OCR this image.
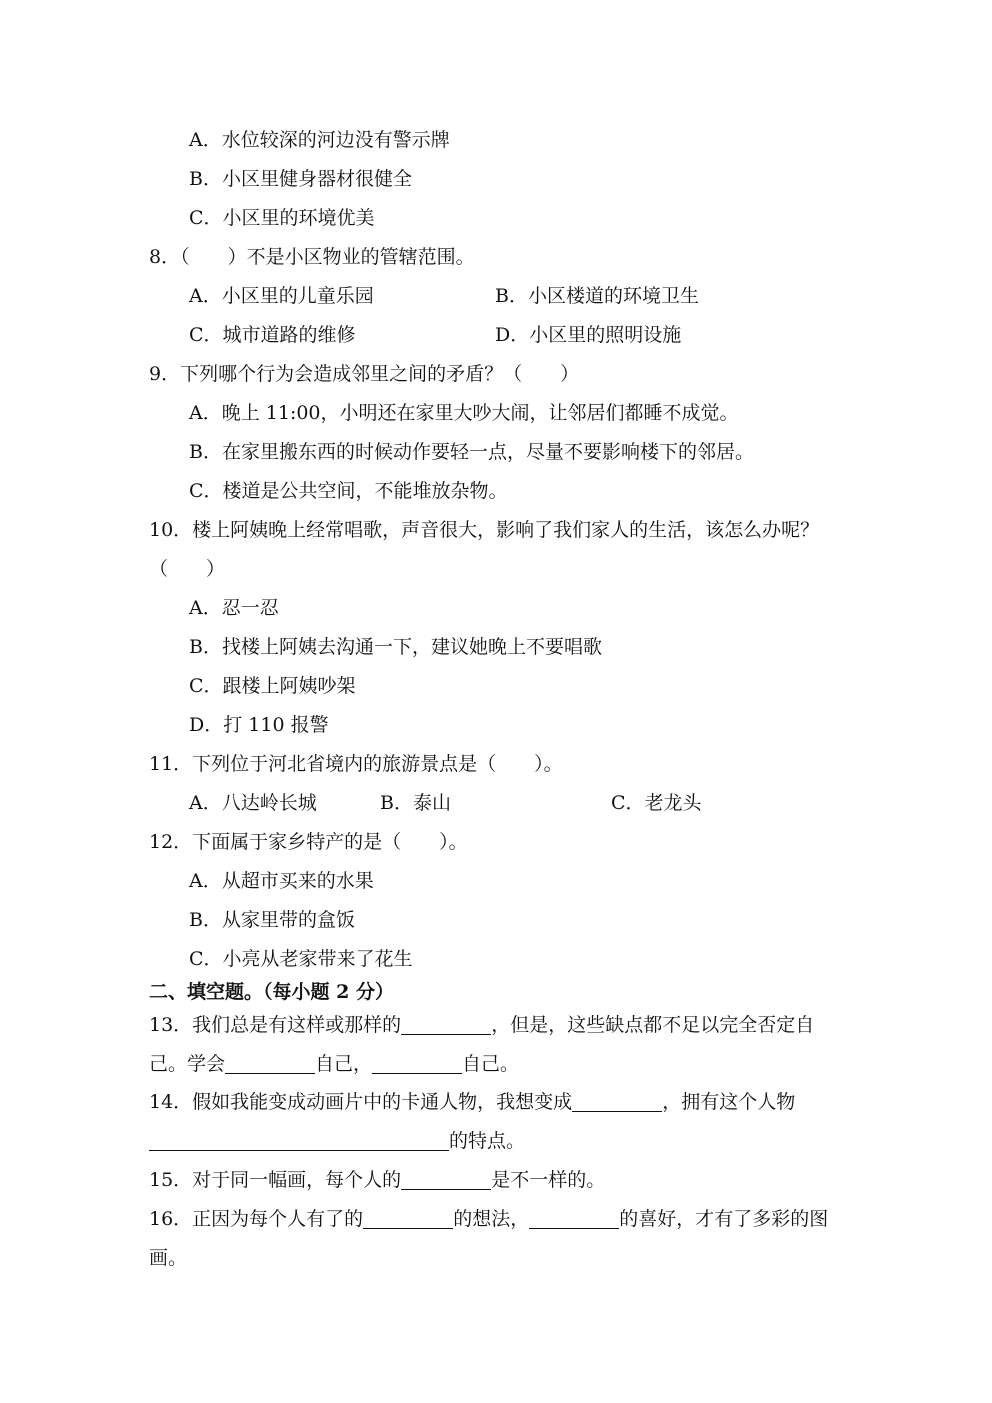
A．水位较深的河边没有警示牌
B．小区里健身器材很健全
C．小区里的环境优美
8．（　　）不是小区物业的管辖范围。
A．小区里的儿童乐园	B．小区楼道的环境卫生
C．城市道路的维修	D．小区里的照明设施
9．下列哪个行为会造成邻里之间的矛盾？（　　）
A．晚上 11:00，小明还在家里大吵大闹，让邻居们都睡不成觉。
B．在家里搬东西的时候动作要轻一点，尽量不要影响楼下的邻居。
C．楼道是公共空间，不能堆放杂物。
10．楼上阿姨晚上经常唱歌，声音很大，影响了我们家人的生活，该怎么办呢？
（　　）
A．忍一忍
B．找楼上阿姨去沟通一下，建议她晚上不要唱歌
C．跟楼上阿姨吵架
D．打 110 报警
11．下列位于河北省境内的旅游景点是（　　）。
A．八达岭长城	B．泰山	C．老龙头
12．下面属于家乡特产的是（　　）。
A．从超市买来的水果
B．从家里带的盒饭
C．小亮从老家带来了花生
二、填空题。（每小题 2 分）
13．我们总是有这样或那样的	，但是，这些缺点都不足以完全否定自
己。学会	自己，	自己。
14．假如我能变成动画片中的卡通人物，我想变成	，拥有这个人物
的特点。
15．对于同一幅画，每个人的	是不一样的。
16．正因为每个人有了的	的想法，	的喜好，才有了多彩的图
画。
